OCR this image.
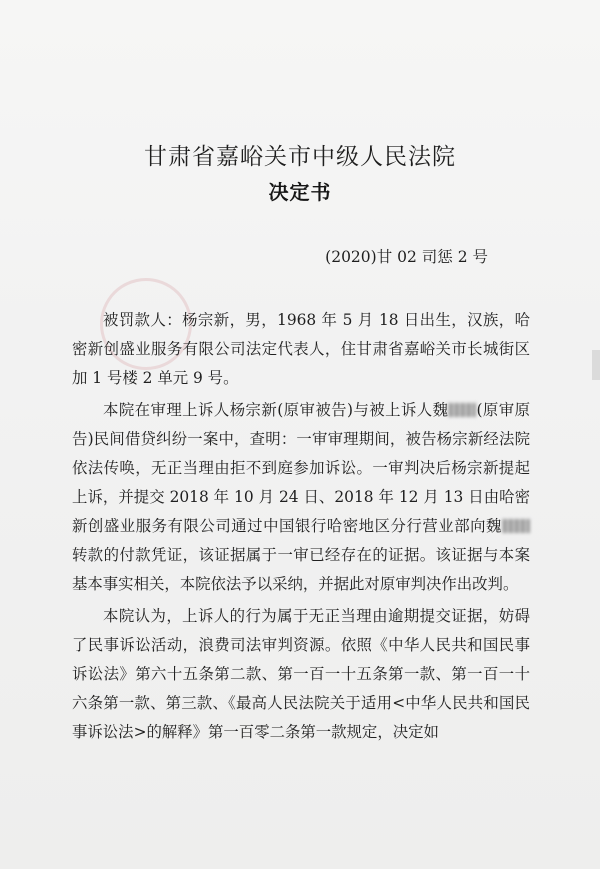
甘肃省嘉峪关市中级人民法院
决定书
(2020)甘 02 司惩 2 号

被罚款人：杨宗新，男，1968 年 5 月 18 日出生，汉族，哈密新创盛业服务有限公司法定代表人，住甘肃省嘉峪关市长城街区加 1 号楼 2 单元 9 号。

本院在审理上诉人杨宗新(原审被告)与被上诉人魏 (原审原告)民间借贷纠纷一案中，查明：一审审理期间，被告杨宗新经法院依法传唤，无正当理由拒不到庭参加诉讼。一审判决后杨宗新提起上诉，并提交 2018 年 10 月 24 日、2018 年 12 月 13 日由哈密新创盛业服务有限公司通过中国银行哈密地区分行营业部向魏转款的付款凭证，该证据属于一审已经存在的证据。该证据与本案基本事实相关，本院依法予以采纳，并据此对原审判决作出改判。

本院认为，上诉人的行为属于无正当理由逾期提交证据，妨碍了民事诉讼活动，浪费司法审判资源。依照《中华人民共和国民事诉讼法》第六十五条第二款、第一百一十五条第一款、第一百一十六条第一款、第三款、《最高人民法院关于适用<中华人民共和国民事诉讼法>的解释》第一百零二条第一款规定，决定如
